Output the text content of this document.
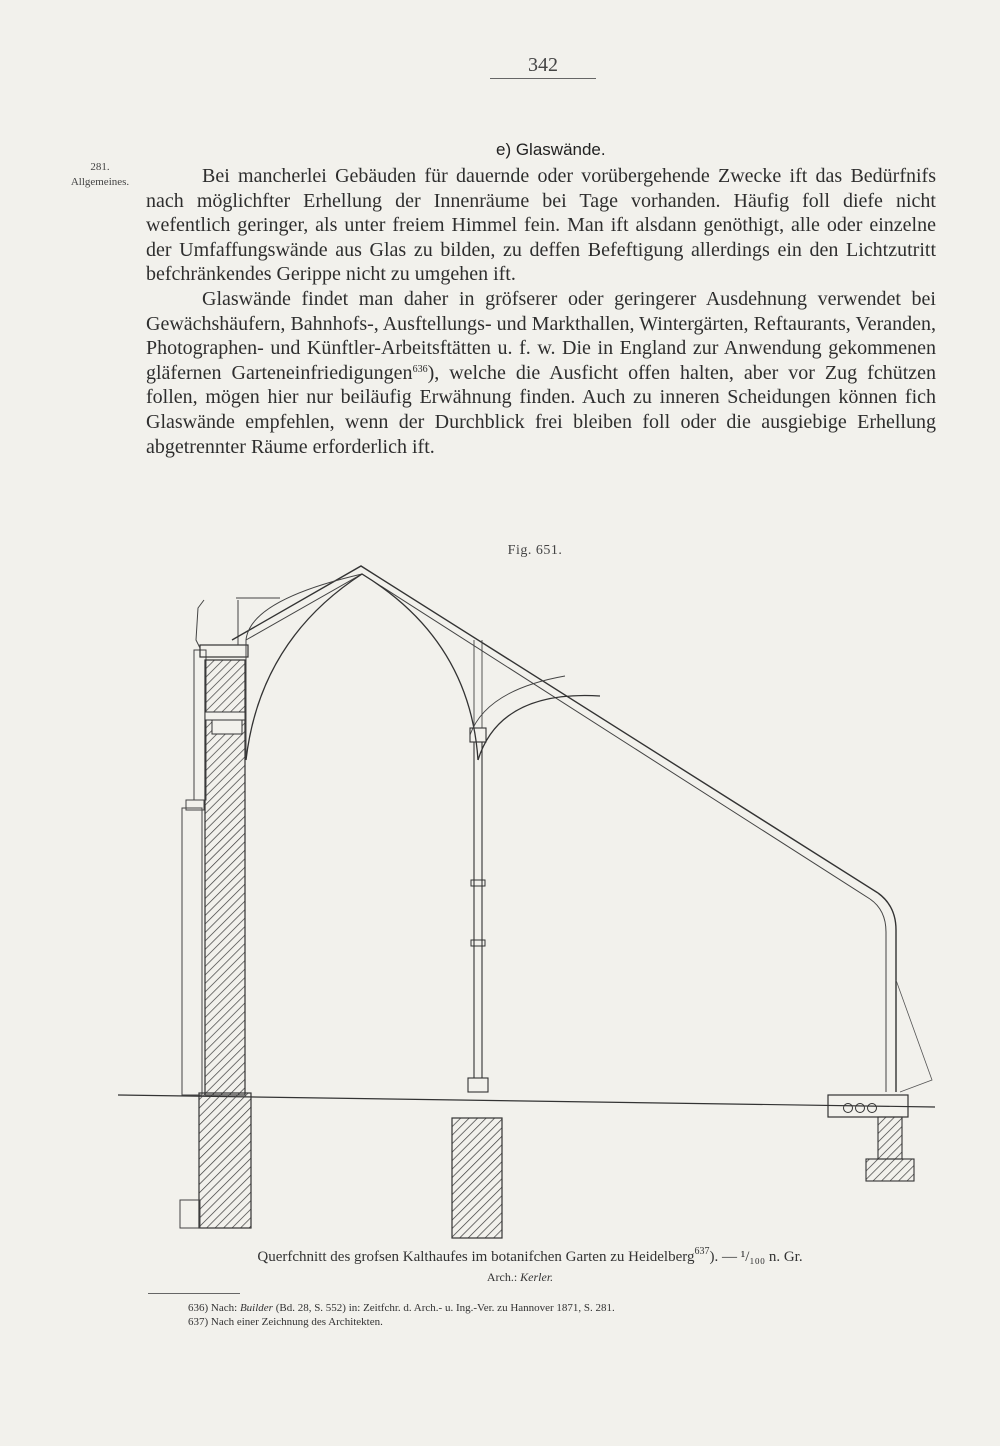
342
e) Glaswände.
281.
Allgemeines.	Bei mancherlei Gebäuden für dauernde oder vorübergehende Zwecke ift das Bedürfnifs nach möglichfter Erhellung der Innenräume bei Tage vorhanden. Häufig foll diefe nicht wefentlich geringer, als unter freiem Himmel fein. Man ift alsdann genöthigt, alle oder einzelne der Umfaffungswände aus Glas zu bilden, zu deffen Befeftigung allerdings ein den Lichtzutritt befchränkendes Gerippe nicht zu umgehen ift.

Glaswände findet man daher in gröfserer oder geringerer Ausdehnung verwendet bei Gewächshäufern, Bahnhofs-, Ausftellungs- und Markthallen, Wintergärten, Reftaurants, Veranden, Photographen- und Künftler-Arbeitsftätten u. f. w. Die in England zur Anwendung gekommenen gläfernen Garteneinfriedigungen$^{636}$), welche die Ausficht offen halten, aber vor Zug fchützen follen, mögen hier nur beiläufig Erwähnung finden. Auch zu inneren Scheidungen können fich Glaswände empfehlen, wenn der Durchblick frei bleiben foll oder die ausgiebige Erhellung abgetrennter Räume erforderlich ift.

Fig. 651.
Querfchnitt des grofsen Kalthaufes im botanifchen Garten zu Heidelberg$^{637}$). — ¹/₁₀₀ n. Gr.
Arch.: Kerler.
636) Nach: Builder (Bd. 28, S. 552) in: Zeitfchr. d. Arch.- u. Ing.-Ver. zu Hannover 1871, S. 281.
637) Nach einer Zeichnung des Architekten.
